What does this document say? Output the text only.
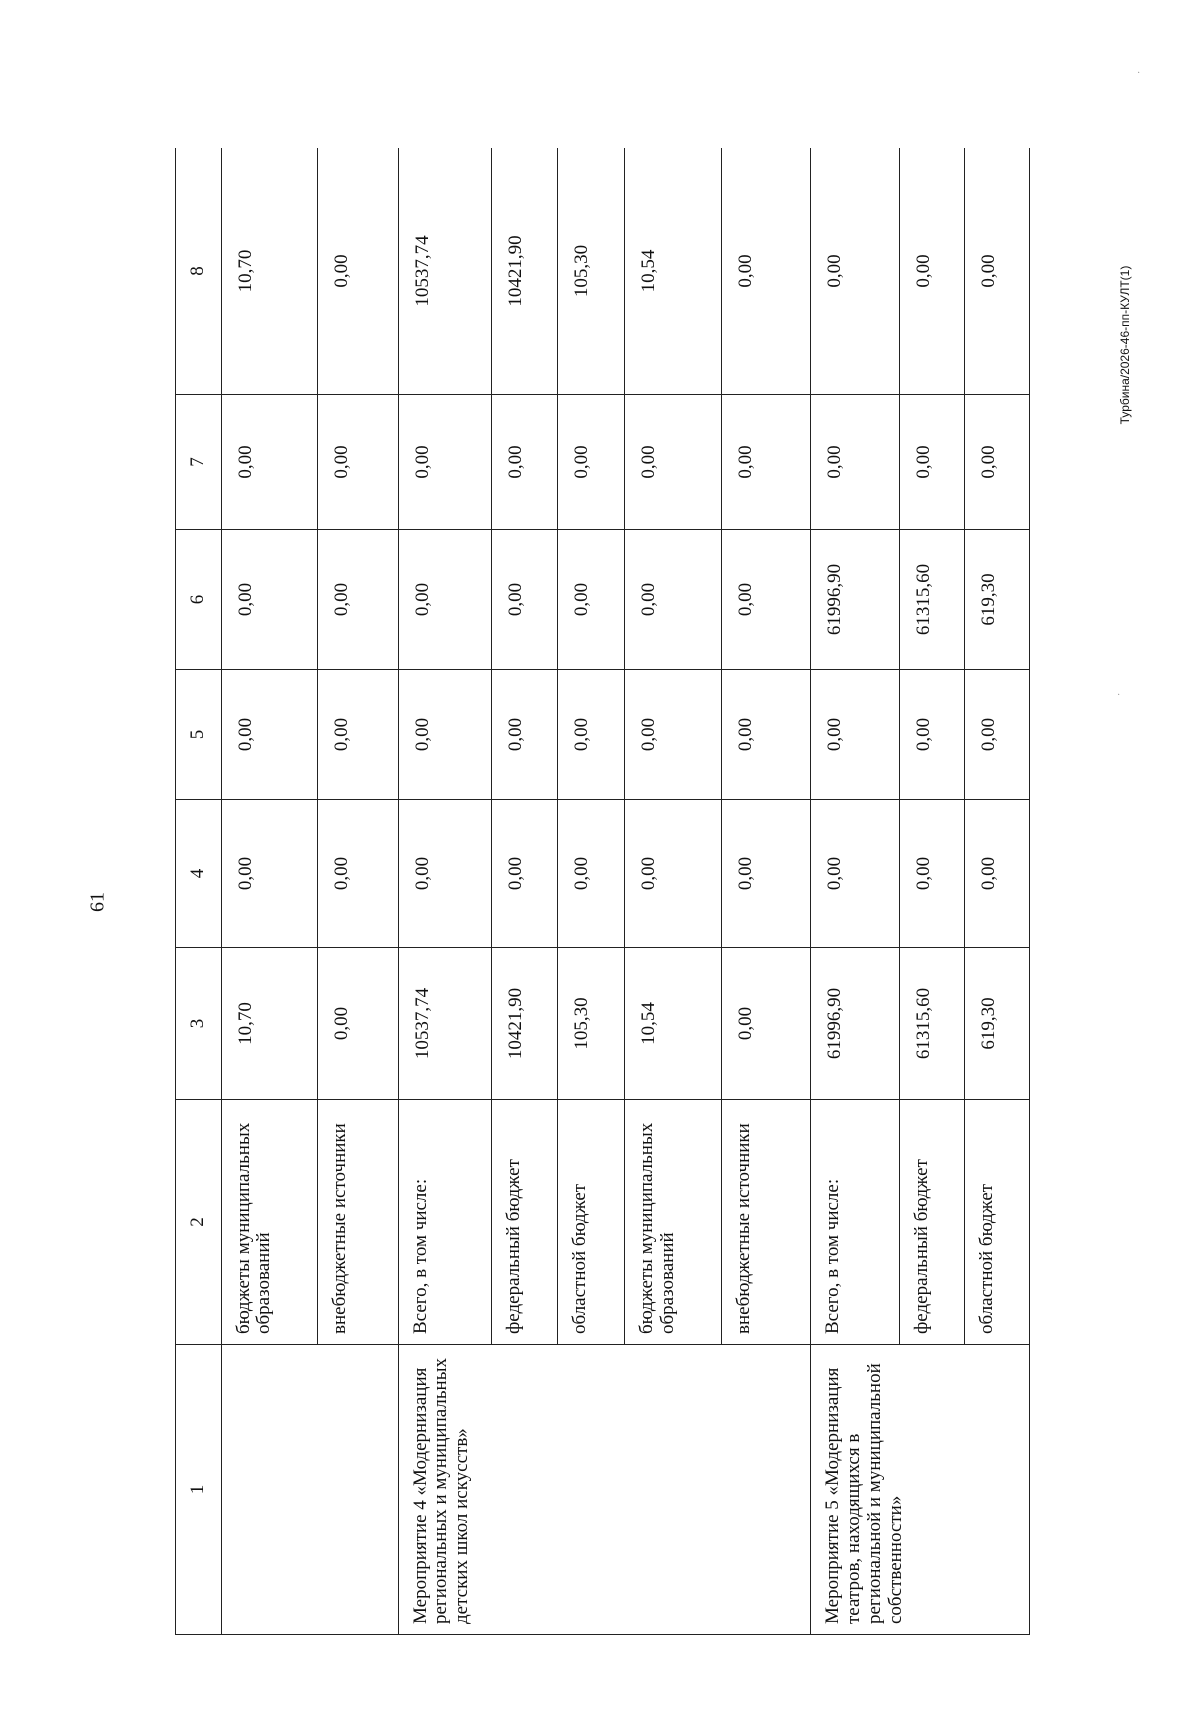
61
Турбина/2026-46-пп-КУЛТ(1)
1	2	3	4	5	6	7	8
	бюджеты муниципальных образований	10,70	0,00	0,00	0,00	0,00	10,70
	внебюджетные источники	0,00	0,00	0,00	0,00	0,00	0,00
Мероприятие 4 «Модернизация региональных и муниципальных детских школ искусств»	Всего, в том числе:	10537,74	0,00	0,00	0,00	0,00	10537,74
	федеральный бюджет	10421,90	0,00	0,00	0,00	0,00	10421,90
	областной бюджет	105,30	0,00	0,00	0,00	0,00	105,30
	бюджеты муниципальных образований	10,54	0,00	0,00	0,00	0,00	10,54
	внебюджетные источники	0,00	0,00	0,00	0,00	0,00	0,00
Мероприятие 5 «Модернизация театров, находящихся в региональной и муниципальной собственности»	Всего, в том числе:	61996,90	0,00	0,00	61996,90	0,00	0,00
	федеральный бюджет	61315,60	0,00	0,00	61315,60	0,00	0,00
	областной бюджет	619,30	0,00	0,00	619,30	0,00	0,00
·
·
